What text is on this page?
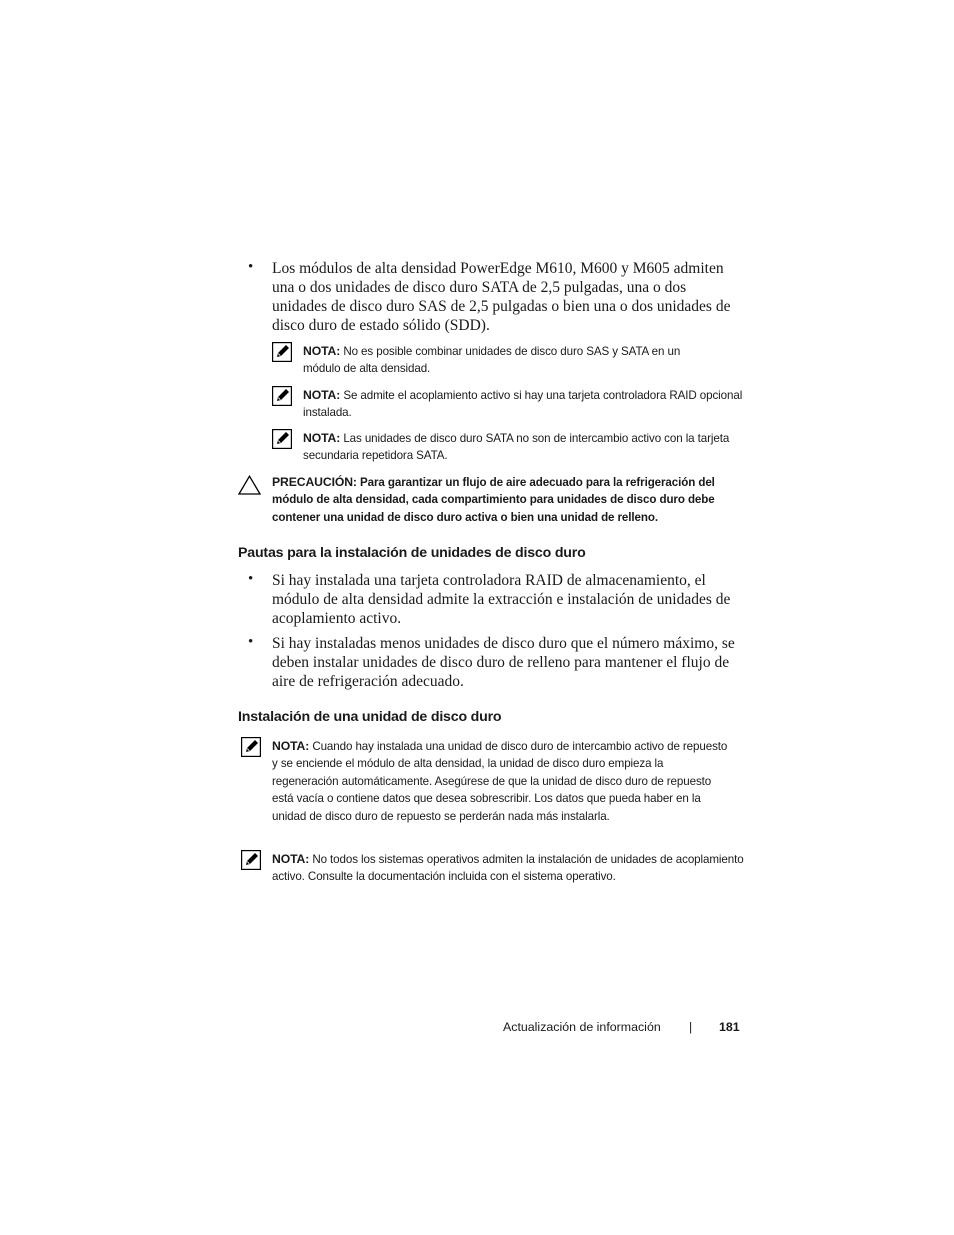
• Los módulos de alta densidad PowerEdge M610, M600 y M605 admiten una o dos unidades de disco duro SATA de 2,5 pulgadas, una o dos unidades de disco duro SAS de 2,5 pulgadas o bien una o dos unidades de disco duro de estado sólido (SDD).
NOTA: No es posible combinar unidades de disco duro SAS y SATA en un módulo de alta densidad.
NOTA: Se admite el acoplamiento activo si hay una tarjeta controladora RAID opcional instalada.
NOTA: Las unidades de disco duro SATA no son de intercambio activo con la tarjeta secundaria repetidora SATA.
PRECAUCIÓN: Para garantizar un flujo de aire adecuado para la refrigeración del módulo de alta densidad, cada compartimiento para unidades de disco duro debe contener una unidad de disco duro activa o bien una unidad de relleno.
Pautas para la instalación de unidades de disco duro
• Si hay instalada una tarjeta controladora RAID de almacenamiento, el módulo de alta densidad admite la extracción e instalación de unidades de acoplamiento activo.
• Si hay instaladas menos unidades de disco duro que el número máximo, se deben instalar unidades de disco duro de relleno para mantener el flujo de aire de refrigeración adecuado.
Instalación de una unidad de disco duro
NOTA: Cuando hay instalada una unidad de disco duro de intercambio activo de repuesto y se enciende el módulo de alta densidad, la unidad de disco duro empieza la regeneración automáticamente. Asegúrese de que la unidad de disco duro de repuesto está vacía o contiene datos que desea sobrescribir. Los datos que pueda haber en la unidad de disco duro de repuesto se perderán nada más instalarla.
NOTA: No todos los sistemas operativos admiten la instalación de unidades de acoplamiento activo. Consulte la documentación incluida con el sistema operativo.
Actualización de información | 181
